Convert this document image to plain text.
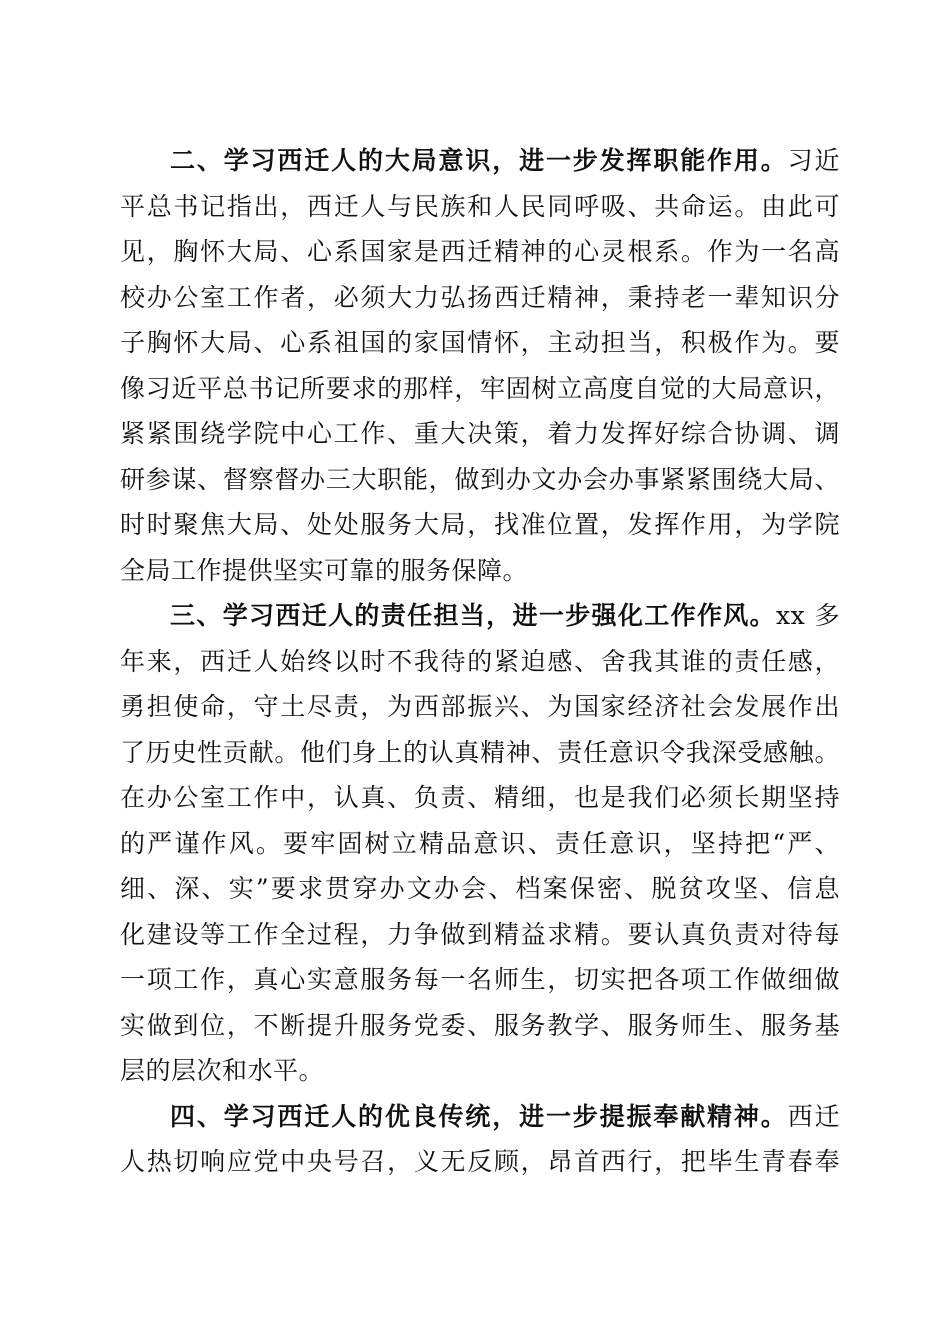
二、学习西迁人的大局意识，进一步发挥职能作用。习近
平总书记指出，西迁人与民族和人民同呼吸、共命运。由此可
见，胸怀大局、心系国家是西迁精神的心灵根系。作为一名高
校办公室工作者，必须大力弘扬西迁精神，秉持老一辈知识分
子胸怀大局、心系祖国的家国情怀，主动担当，积极作为。要
像习近平总书记所要求的那样，牢固树立高度自觉的大局意识，
紧紧围绕学院中心工作、重大决策，着力发挥好综合协调、调
研参谋、督察督办三大职能，做到办文办会办事紧紧围绕大局、
时时聚焦大局、处处服务大局，找准位置，发挥作用，为学院
全局工作提供坚实可靠的服务保障。
三、学习西迁人的责任担当，进一步强化工作作风。xx 多
年来，西迁人始终以时不我待的紧迫感、舍我其谁的责任感，
勇担使命，守土尽责，为西部振兴、为国家经济社会发展作出
了历史性贡献。他们身上的认真精神、责任意识令我深受感触。
在办公室工作中，认真、负责、精细，也是我们必须长期坚持
的严谨作风。要牢固树立精品意识、责任意识，坚持把“严、
细、深、实”要求贯穿办文办会、档案保密、脱贫攻坚、信息
化建设等工作全过程，力争做到精益求精。要认真负责对待每
一项工作，真心实意服务每一名师生，切实把各项工作做细做
实做到位，不断提升服务党委、服务教学、服务师生、服务基
层的层次和水平。
四、学习西迁人的优良传统，进一步提振奉献精神。西迁
人热切响应党中央号召，义无反顾，昂首西行，把毕生青春奉
